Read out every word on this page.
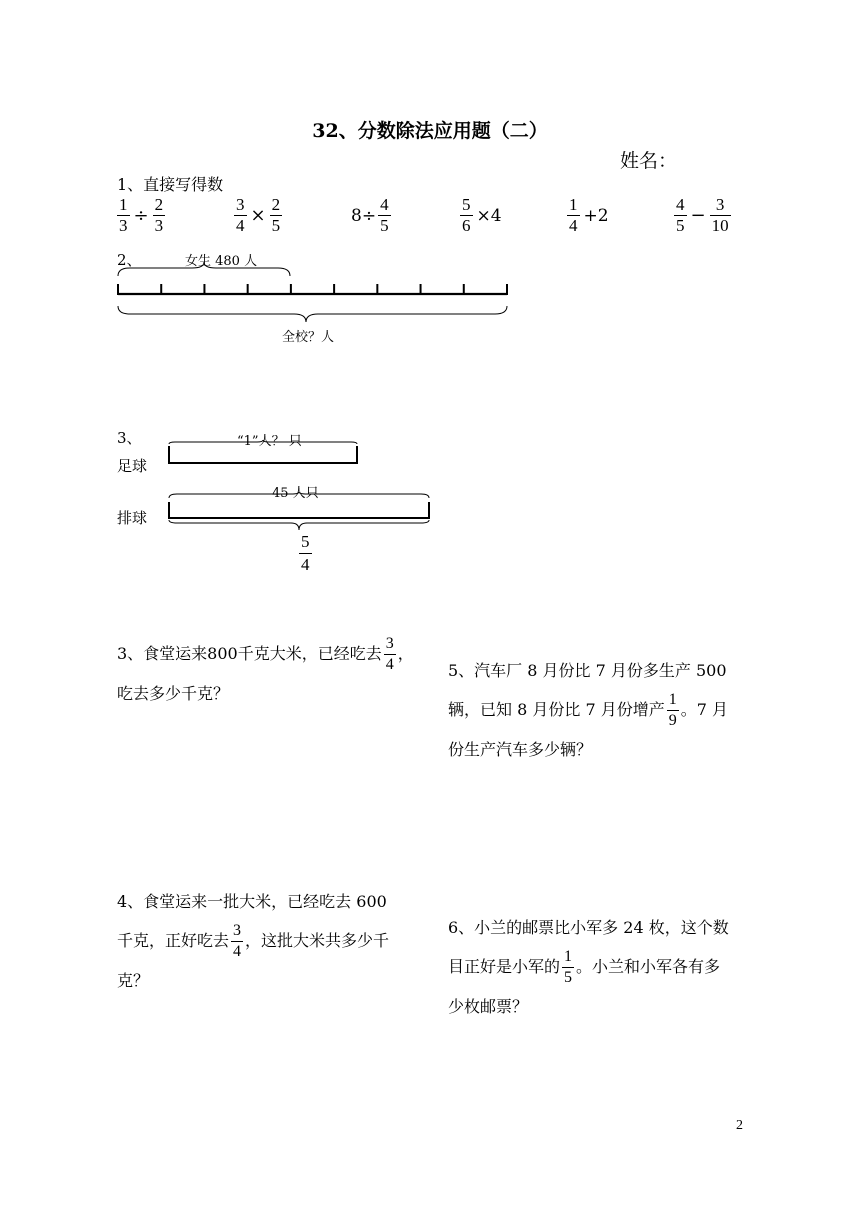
32、分数除法应用题（二）
姓名：
1、直接写得数
$\frac{1}{3} \div \frac{2}{3}$	$\frac{3}{4} \times \frac{2}{5}$	$8\div \frac{4}{5}$	$\frac{5}{6} \times 4$	$\frac{1}{4} +2$	$\frac{4}{5} - \frac{3}{10}$
2、	女生 480 人
全校？人
3、	“1”人？ 只
足球
45 人只
排球
$\frac{5}{4}$
3、食堂运来800千克大米，已经吃去 $\frac{3}{4}$ ，
吃去多少千克？
5、汽车厂 8 月份比 7 月份多生产 500
辆，已知 8 月份比 7 月份增产 $\frac{1}{9}$ 。7 月
份生产汽车多少辆？
4、食堂运来一批大米，已经吃去 600
千克，正好吃去 $\frac{3}{4}$ ，这批大米共多少千
克？
6、小兰的邮票比小军多 24 枚，这个数
目正好是小军的 $\frac{1}{5}$ 。小兰和小军各有多
少枚邮票？
2
